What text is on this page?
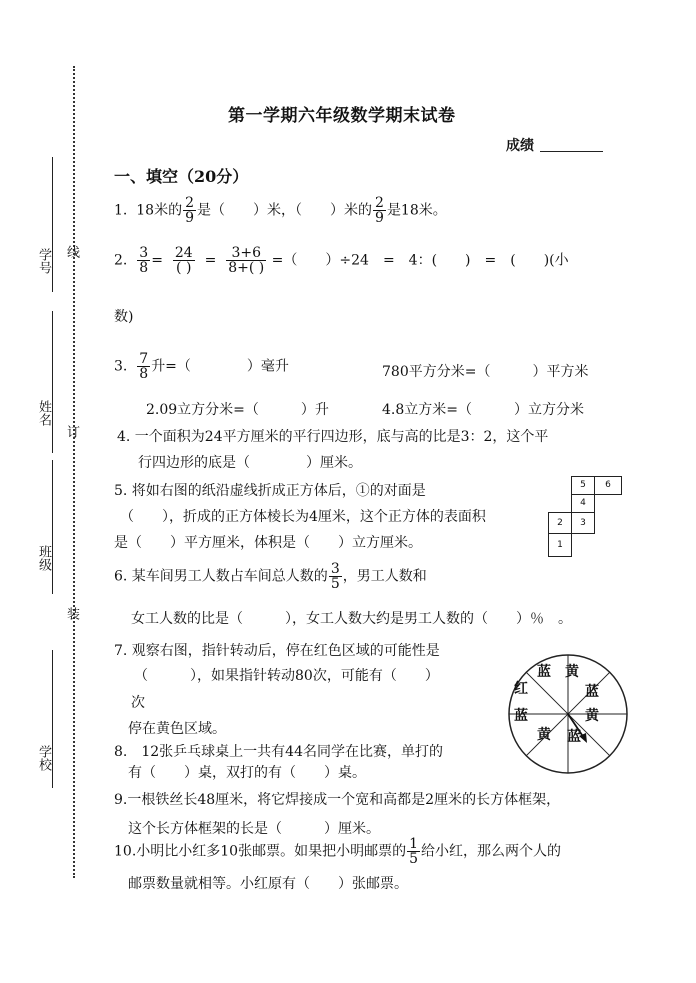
学号
姓名
班级
学校
线
订
装
第一学期六年级数学期末试卷
成绩
一、填空（20分）
1. 18米的 $\frac{2}{9}$ 是（　　）米，（　　）米的 $\frac{2}{9}$ 是18米。
2. $\frac{3}{8} = \frac{24}{( )} = \frac{3+6}{8+( )}$ =（　　）÷24　=　4：(　　)　=　(　　)(小
数)
3. $\frac{7}{8}$ 升=（　　　　）毫升	780平方分米=（　　　）平方米
2.09立方分米=（　　　）升	4.8立方米=（　　　）立方分米
4. 一个面积为24平方厘米的平行四边形，底与高的比是3：2，这个平
行四边形的底是（　　　　）厘米。
5. 将如右图的纸沿虚线折成正方体后，①的对面是
（　　），折成的正方体棱长为4厘米，这个正方体的表面积
是（　　）平方厘米，体积是（　　）立方厘米。
5	6
4
2	3
1
6. 某车间男工人数占车间总人数的 $\frac{3}{5}$ ，男工人数和
女工人数的比是（　　　），女工人数大约是男工人数的（　　）％　。
7. 观察右图，指针转动后，停在红色区域的可能性是
（　　　），如果指针转动80次，可能有（　　）
次
停在黄色区域。
蓝 黄
红	蓝
蓝	黄
黄 蓝
8.　12张乒乓球桌上一共有44名同学在比赛，单打的
有（　　）桌，双打的有（　　）桌。
9.一根铁丝长48厘米，将它焊接成一个宽和高都是2厘米的长方体框架，
这个长方体框架的长是（　　　）厘米。
10.小明比小红多10张邮票。如果把小明邮票的 $\frac{1}{5}$ 给小红，那么两个人的
邮票数量就相等。小红原有（　　）张邮票。
